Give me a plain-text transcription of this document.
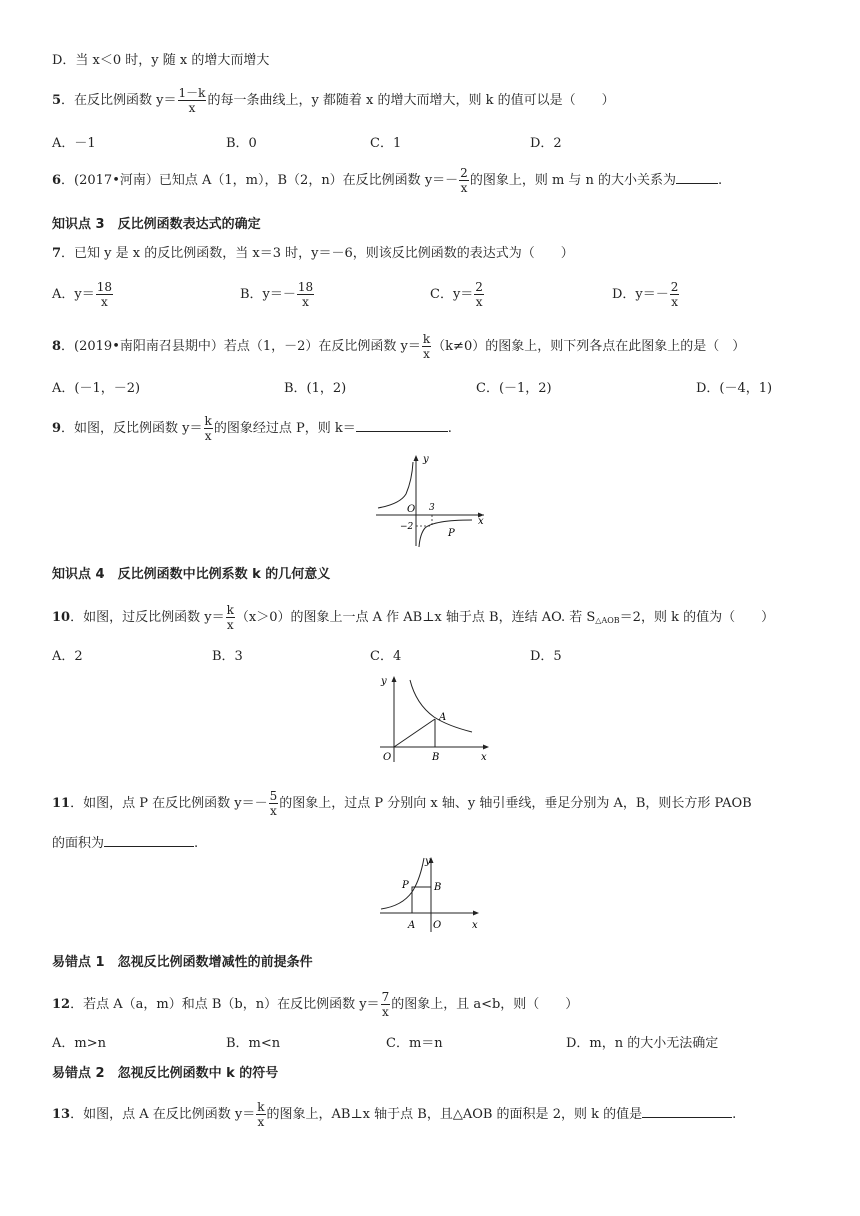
D．当 x＜0 时，y 随 x 的增大而增大
5．在反比例函数 $y= \frac{1-k}{x}$ 的每一条曲线上，y 都随着 x 的增大而增大，则 k 的值可以是（　　）
A．－1	B．0	C．1	D．2
6．(2017•河南）已知点 A（1，m），B（2，n）在反比例函数 $y=- \frac{2}{x}$ 的图象上，则 m 与 n 的大小关系为	.
知识点 3　反比例函数表达式的确定
7．已知 y 是 x 的反比例函数，当 x＝3 时，y＝－6，则该反比例函数的表达式为（　　）
A．$y= \frac{18}{x}$	B．$y=- \frac{18}{x}$	C．$y= \frac{2}{x}$	D．$y=- \frac{2}{x}$
8．(2019•南阳南召县期中）若点（1，－2）在反比例函数 $y= \frac{k}{x} (k\ne 0)$的图象上，则下列各点在此图象上的是（　）
A．(－1，－2)	B．(1，2)	C．(－1，2)	D．(－4，1)
9．如图，反比例函数 $y= \frac{k}{x}$ 的图象经过点 P，则 k＝	.
y
O 3
x
−2
P
知识点 4　反比例函数中比例系数 k 的几何意义
10．如图，过反比例函数 $y= \frac{k}{x} (x>0)$的图象上一点 A 作 AB⊥x 轴于点 B，连结 AO. 若 $S_{\triangle AOB}=2$，则 k 的值为（　　）
A．2	B．3	C．4	D．5
y
A
B
O	x
11．如图，点 P 在反比例函数 $y=- \frac{5}{x}$ 的图象上，过点 P 分别向 x 轴、y 轴引垂线，垂足分别为 A，B，则长方形 PAOB
的面积为	.
y
P	B
A O	x
易错点 1　忽视反比例函数增减性的前提条件
12．若点 A（a，m）和点 B（b，n）在反比例函数 $y= \frac{7}{x}$ 的图象上，且 a<b，则（　　）
A．m>n	B．m<n	C．m＝n	D．m，n 的大小无法确定
易错点 2　忽视反比例函数中 k 的符号
13．如图，点 A 在反比例函数 $y= \frac{k}{x}$ 的图象上，AB⊥x 轴于点 B，且△AOB 的面积是 2，则 k 的值是	.
